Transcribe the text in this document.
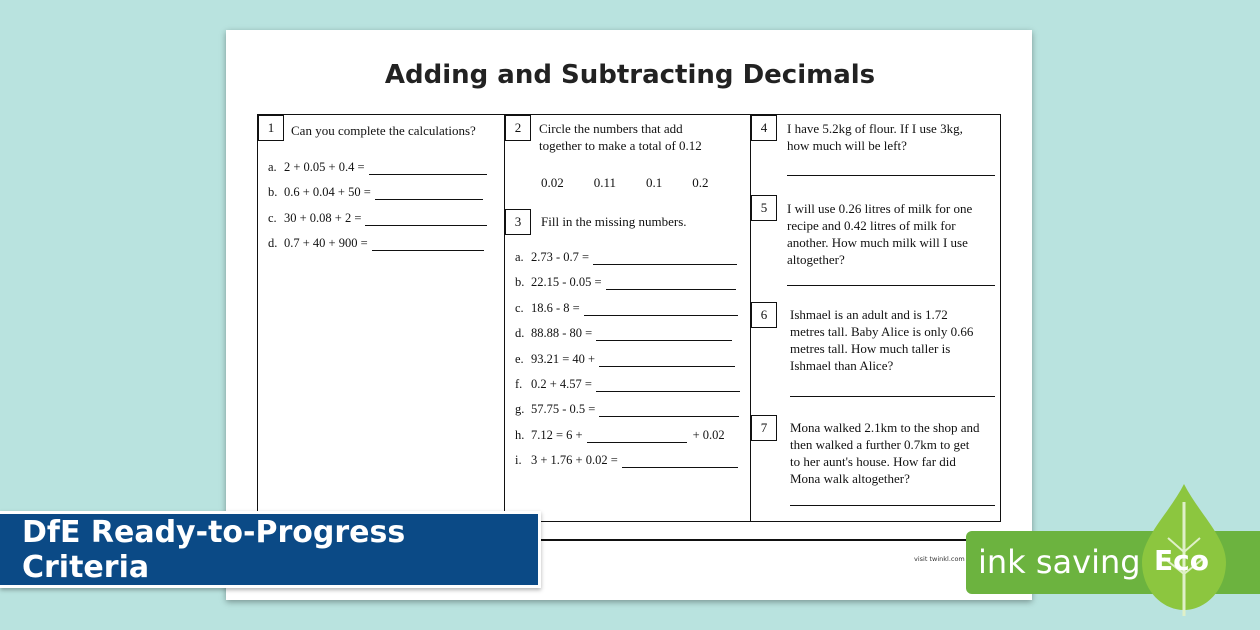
Adding and Subtracting Decimals
1	Can you complete the calculations?
a. 2 + 0.05 + 0.4 =
b. 0.6 + 0.04 + 50 =
c. 30 + 0.08 + 2 =
d. 0.7 + 40 + 900 =
2	Circle the numbers that add
together to make a total of 0.12
0.02 0.11 0.1 0.2
3	Fill in the missing numbers.
a. 2.73 - 0.7 =
b. 22.15 - 0.05 =
c. 18.6 - 8 =
d. 88.88 - 80 =
e. 93.21 = 40 +
f. 0.2 + 4.57 =
g. 57.75 - 0.5 =
h. 7.12 = 6 +	+ 0.02
i. 3 + 1.76 + 0.02 =
4	I have 5.2kg of flour. If I use 3kg,
how much will be left?
5	I will use 0.26 litres of milk for one
recipe and 0.42 litres of milk for
another. How much milk will I use
altogether?
6	Ishmael is an adult and is 1.72
metres tall. Baby Alice is only 0.66
metres tall. How much taller is
Ishmael than Alice?
7	Mona walked 2.1km to the shop and
then walked a further 0.7km to get
to her aunt's house. How far did
Mona walk altogether?
visit twinkl.com
DfE Ready-to-Progress Criteria	ink saving Eco
